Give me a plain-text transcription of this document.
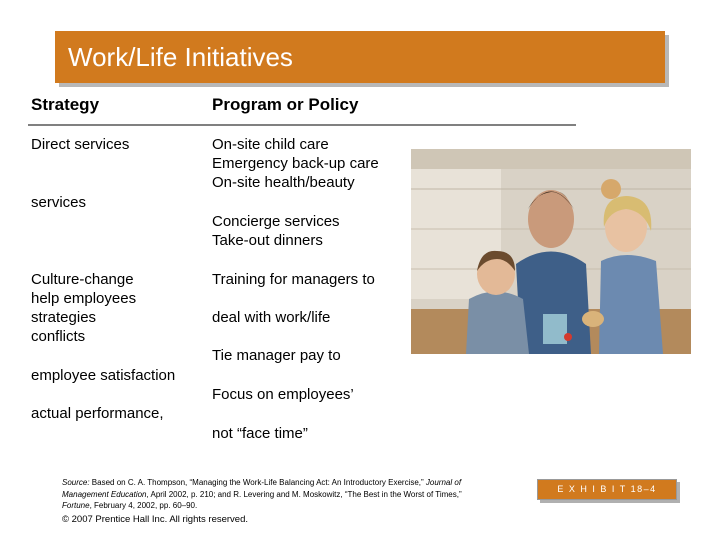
Work/Life Initiatives
Strategy	Program or Policy
Direct services
services
Culture-change
help employees
strategies
conflicts
employee satisfaction
actual performance,
On-site child care
Emergency back-up care
On-site health/beauty
Concierge services
Take-out dinners
Training for managers to
deal with work/life
Tie manager pay to
Focus on employees’
not “face time”
Source: Based on C. A. Thompson, “Managing the Work-Life Balancing Act: An Introductory Exercise,” Journal of Management Education, April 2002, p. 210; and R. Levering and M. Moskowitz, “The Best in the Worst of Times,” Fortune, February 4, 2002, pp. 60–90.
© 2007 Prentice Hall Inc. All rights reserved.
E X H I B I T 18–4 (cont'd)
